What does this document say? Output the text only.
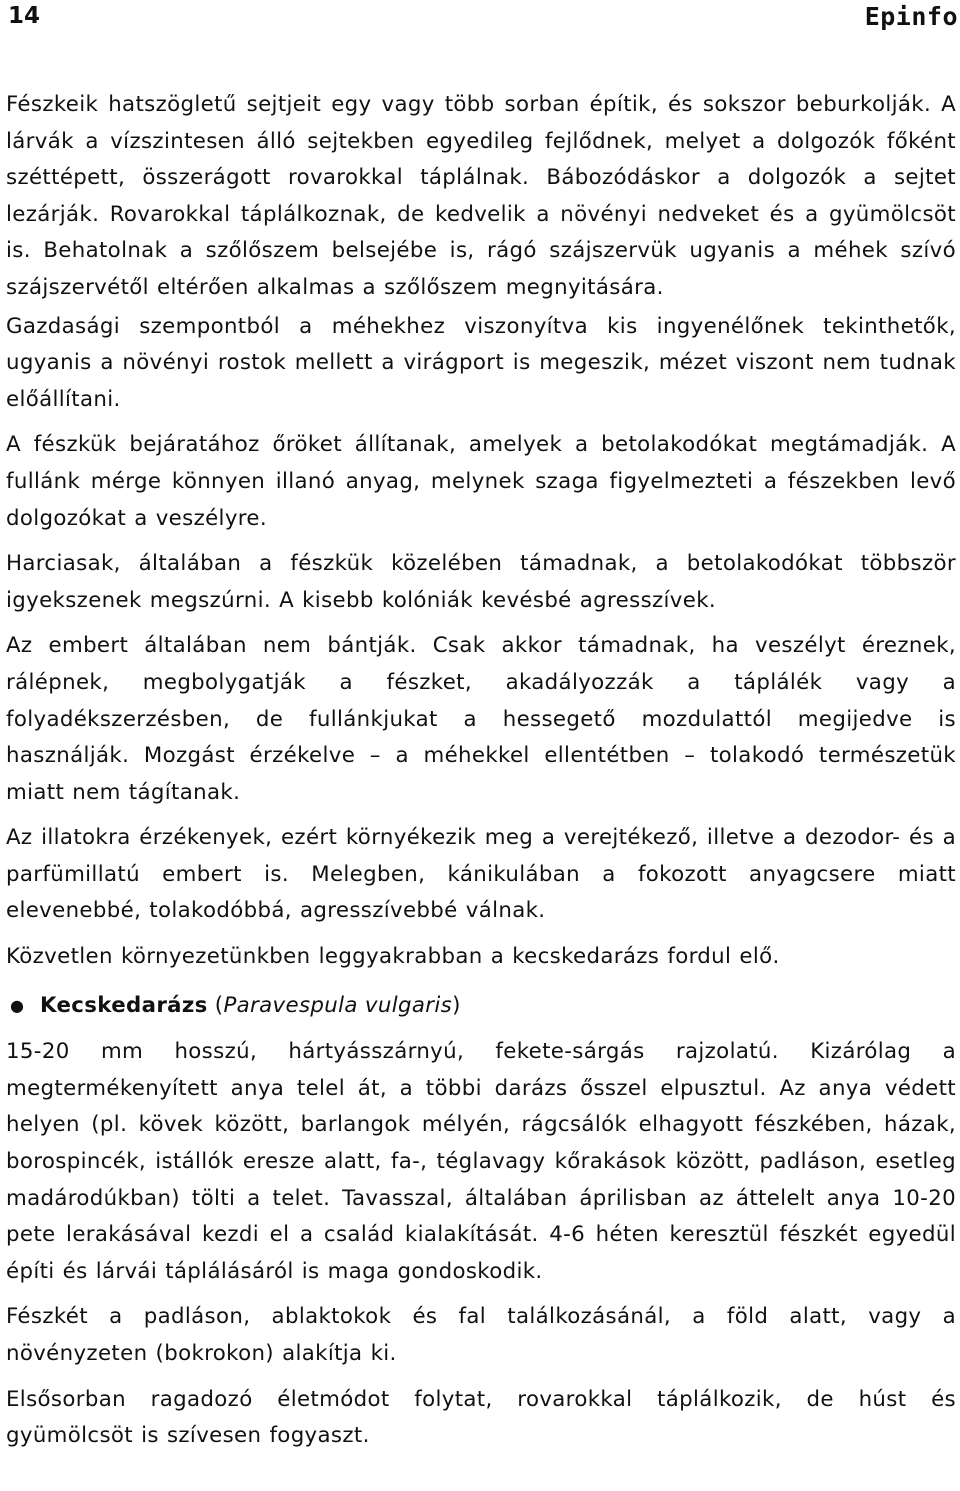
14	Epinfo

Fészkeik hatszögletű sejtjeit egy vagy több sorban építik, és sokszor beburkolják. A lárvák a vízszintesen álló sejtekben egyedileg fejlődnek, melyet a dolgozók főként széttépett, összerágott rovarokkal táplálnak. Bábozódáskor a dolgozók a sejtet lezárják. Rovarokkal táplálkoznak, de kedvelik a növényi nedveket és a gyümölcsöt is. Behatolnak a szőlőszem belsejébe is, rágó szájszervük ugyanis a méhek szívó szájszervétől eltérően alkalmas a szőlőszem megnyitására.

Gazdasági szempontból a méhekhez viszonyítva kis ingyenélőnek tekinthetők, ugyanis a növényi rostok mellett a virágport is megeszik, mézet viszont nem tudnak előállítani.

A fészkük bejáratához őröket állítanak, amelyek a betolakodókat megtámadják. A fullánk mérge könnyen illanó anyag, melynek szaga figyelmezteti a fészekben levő dolgozókat a veszélyre.

Harciasak, általában a fészkük közelében támadnak, a betolakodókat többször igyekszenek megszúrni. A kisebb kolóniák kevésbé agresszívek.

Az embert általában nem bántják. Csak akkor támadnak, ha veszélyt éreznek, rálépnek, megbolygatják a fészket, akadályozzák a táplálék vagy a folyadékszerzésben, de fullánkjukat a hessegető mozdulattól megijedve is használják. Mozgást érzékelve – a méhekkel ellentétben – tolakodó természetük miatt nem tágítanak.

Az illatokra érzékenyek, ezért környékezik meg a verejtékező, illetve a dezodor- és a parfümillatú embert is. Melegben, kánikulában a fokozott anyagcsere miatt elevenebbé, tolakodóbbá, agresszívebbé válnak.

Közvetlen környezetünkben leggyakrabban a kecskedarázs fordul elő.

● Kecskedarázs (Paravespula vulgaris)

15-20 mm hosszú, hártyásszárnyú, fekete-sárgás rajzolatú. Kizárólag a megtermékenyített anya telel át, a többi darázs ősszel elpusztul. Az anya védett helyen (pl. kövek között, barlangok mélyén, rágcsálók elhagyott fészkében, házak, borospincék, istállók eresze alatt, fa-, téglavagy kőrakások között, padláson, esetleg madárodúkban) tölti a telet. Tavasszal, általában áprilisban az áttelelt anya 10-20 pete lerakásával kezdi el a család kialakítását. 4-6 héten keresztül fészkét egyedül építi és lárvái táplálásáról is maga gondoskodik.

Fészkét a padláson, ablaktokok és fal találkozásánál, a föld alatt, vagy a növényzeten (bokrokon) alakítja ki.

Elsősorban ragadozó életmódot folytat, rovarokkal táplálkozik, de húst és gyümölcsöt is szívesen fogyaszt.
